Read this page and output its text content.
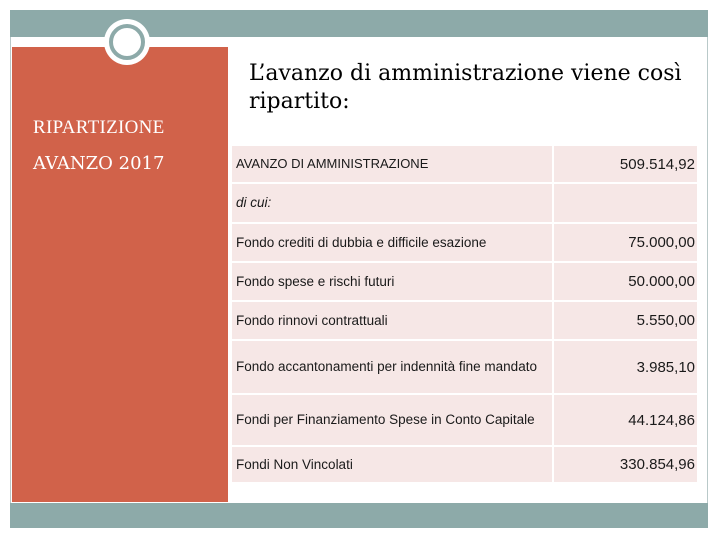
RIPARTIZIONE
AVANZO 2017
L’avanzo di amministrazione viene così ripartito:
AVANZO DI AMMINISTRAZIONE	509.514,92
di cui:
Fondo crediti di dubbia e difficile esazione	75.000,00
Fondo spese e rischi futuri	50.000,00
Fondo rinnovi contrattuali	5.550,00
Fondo accantonamenti per indennità fine mandato	3.985,10
Fondi per Finanziamento Spese in Conto Capitale	44.124,86
Fondi Non Vincolati	330.854,96
